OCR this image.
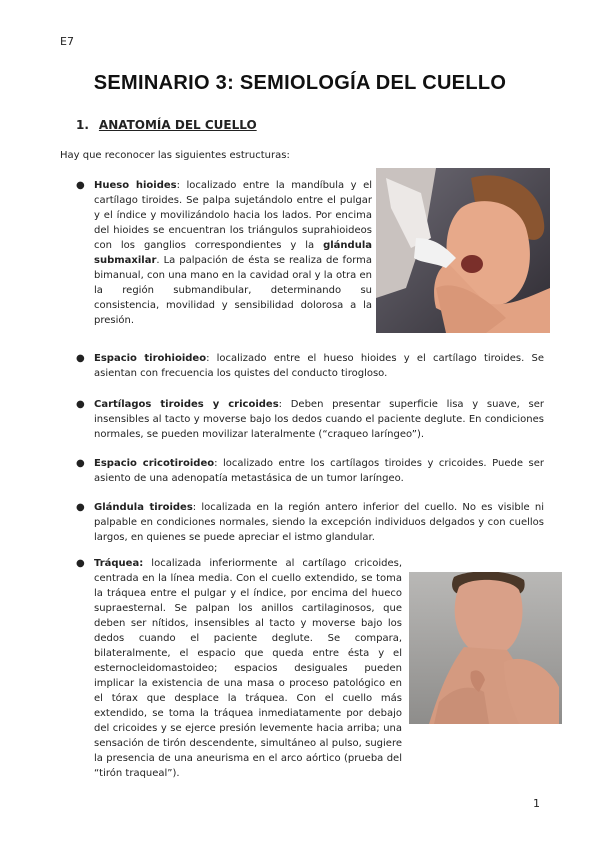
E7
SEMINARIO 3: SEMIOLOGÍA DEL CUELLO
1. ANATOMÍA DEL CUELLO
Hay que reconocer las siguientes estructuras:
● Hueso hioides: localizado entre la mandíbula y el cartílago tiroides. Se palpa sujetándolo entre el pulgar y el índice y movilizándolo hacia los lados. Por encima del hioides se encuentran los triángulos suprahioideos con los ganglios correspondientes y la glándula submaxilar. La palpación de ésta se realiza de forma bimanual, con una mano en la cavidad oral y la otra en la región submandibular, determinando su consistencia, movilidad y sensibilidad dolorosa a la presión.

● Espacio tirohioideo: localizado entre el hueso hioides y el cartílago tiroides. Se asientan con frecuencia los quistes del conducto tirogloso.

● Cartílagos tiroides y cricoides: Deben presentar superficie lisa y suave, ser insensibles al tacto y moverse bajo los dedos cuando el paciente deglute. En condiciones normales, se pueden movilizar lateralmente (“craqueo laríngeo”).

● Espacio cricotiroideo: localizado entre los cartílagos tiroides y cricoides. Puede ser asiento de una adenopatía metastásica de un tumor laríngeo.

● Glándula tiroides: localizada en la región antero inferior del cuello. No es visible ni palpable en condiciones normales, siendo la excepción individuos delgados y con cuellos largos, en quienes se puede apreciar el istmo glandular.

● Tráquea: localizada inferiormente al cartílago cricoides, centrada en la línea media. Con el cuello extendido, se toma la tráquea entre el pulgar y el índice, por encima del hueco supraesternal. Se palpan los anillos cartilaginosos, que deben ser nítidos, insensibles al tacto y moverse bajo los dedos cuando el paciente deglute. Se compara, bilateralmente, el espacio que queda entre ésta y el esternocleidomastoideo; espacios desiguales pueden implicar la existencia de una masa o proceso patológico en el tórax que desplace la tráquea. Con el cuello más extendido, se toma la tráquea inmediatamente por debajo del cricoides y se ejerce presión levemente hacia arriba; una sensación de tirón descendente, simultáneo al pulso, sugiere la presencia de una aneurisma en el arco aórtico (prueba del “tirón traqueal”).

1
